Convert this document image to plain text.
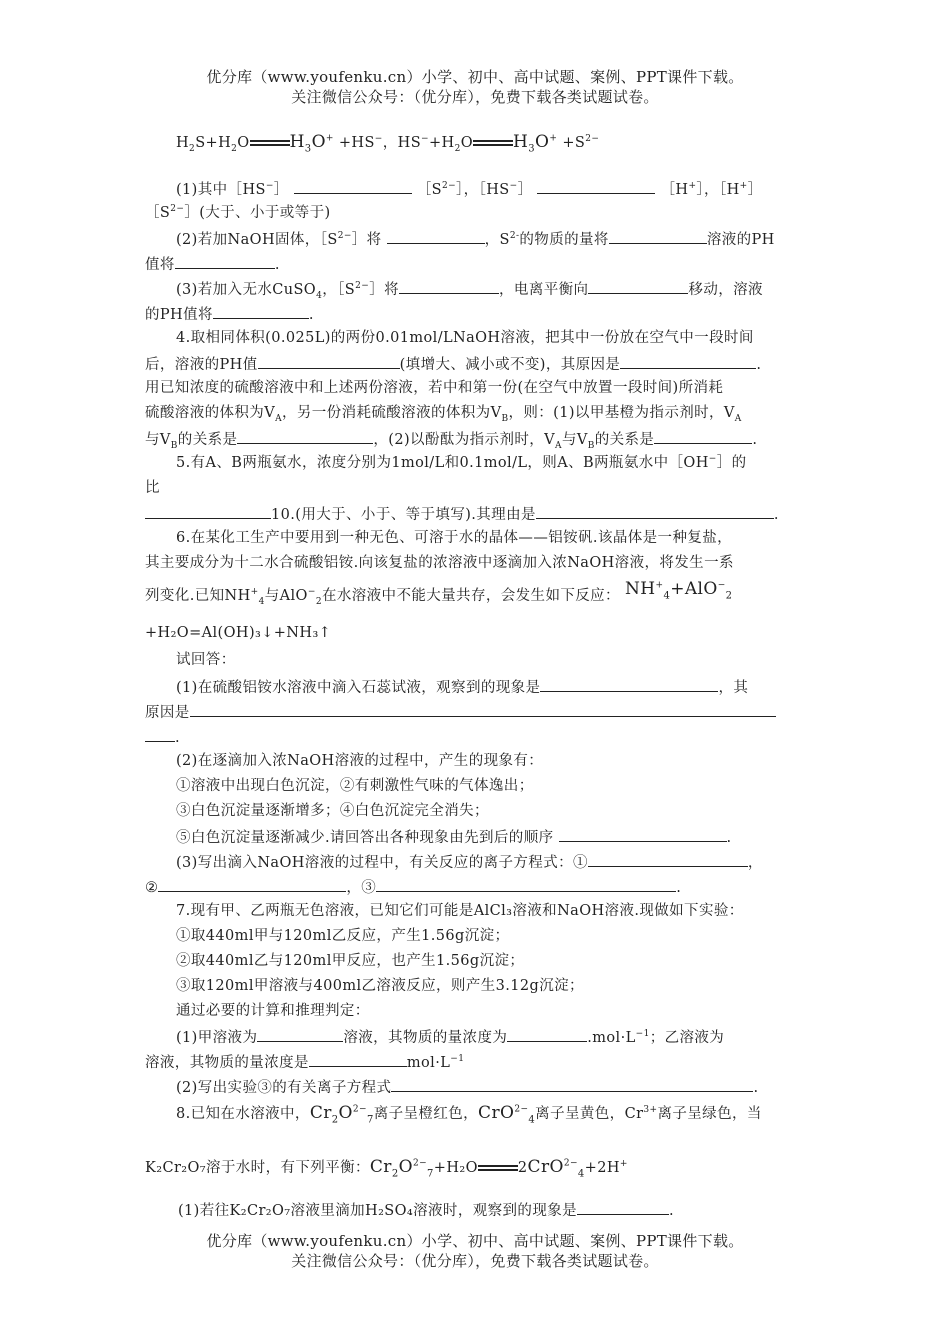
优分库（www.youfenku.cn）小学、初中、高中试题、案例、PPT课件下载。
关注微信公众号：（优分库），免费下载各类试题试卷。
$H_2S+H_2O$ $H_3O^+ +HS^-$，$HS^-+H_2O$ $H_3O^+ +S^{2-}$
(1)其中［HS−］	$[S^{2-}]$，［HS−］	［H+］，［H+］
$[S^{2-}]$(大于、小于或等于)
(2)若加NaOH固体，$[S^{2-}]$将	，$S^{2-}$的物质的量将	溶液的PH
值将	.
(3)若加入无水CuSO$_4$，$[S^{2-}]$将	，电离平衡向	移动，溶液
的PH值将	.
4.取相同体积(0.025L)的两份0.01mol/LNaOH溶液，把其中一份放在空气中一段时间
后，溶液的PH值	(填增大、减小或不变)，其原因是	.
用已知浓度的硫酸溶液中和上述两份溶液，若中和第一份(在空气中放置一段时间)所消耗
硫酸溶液的体积为$V_A$，另一份消耗硫酸溶液的体积为$V_B$，则：(1)以甲基橙为指示剂时，$V_A$
与$V_B$的关系是	，(2)以酚酞为指示剂时，$V_A$与$V_B$的关系是	.
5.有A、B两瓶氨水，浓度分别为1mol/L和0.1mol/L，则A、B两瓶氨水中［OH−］的
比
10.(用大于、小于、等于填写).其理由是	.
6.在某化工生产中要用到一种无色、可溶于水的晶体——铝铵矾.该晶体是一种复盐，
其主要成分为十二水合硫酸铝铵.向该复盐的浓溶液中逐滴加入浓NaOH溶液，将发生一系
列变化.已知$NH^+_4$与AlO−$_2$在水溶液中不能大量共存，会发生如下反应： $NH^+_4+AlO^-_2$
+H₂O=Al(OH)₃↓+NH₃↑
试回答：
(1)在硫酸铝铵水溶液中滴入石蕊试液，观察到的现象是	，其
原因是
.
(2)在逐滴加入浓NaOH溶液的过程中，产生的现象有：
①溶液中出现白色沉淀，②有刺激性气味的气体逸出；
③白色沉淀量逐渐增多；④白色沉淀完全消失；
⑤白色沉淀量逐渐减少.请回答出各种现象由先到后的顺序	.
(3)写出滴入NaOH溶液的过程中，有关反应的离子方程式：①	，
②	，③	.
7.现有甲、乙两瓶无色溶液，已知它们可能是AlCl₃溶液和NaOH溶液.现做如下实验：
①取440ml甲与120ml乙反应，产生1.56g沉淀；
②取440ml乙与120ml甲反应，也产生1.56g沉淀；
③取120ml甲溶液与400ml乙溶液反应，则产生3.12g沉淀；
通过必要的计算和推理判定：
(1)甲溶液为	溶液，其物质的量浓度为	$.mol\cdot L^{-1}$；乙溶液为
溶液，其物质的量浓度是	$mol\cdot L^{-1}$
(2)写出实验③的有关离子方程式	.
8.已知在水溶液中，$Cr_2O^{2-}_7$离子呈橙红色，CrO$^{2-}_4$离子呈黄色，$Cr^{3+}$离子呈绿色，当
K₂Cr₂O₇溶于水时，有下列平衡：$Cr_2O^{2-}_7+H_2O$	2CrO$^{2-}_4$+2H+
(1)若往K₂Cr₂O₇溶液里滴加H₂SO₄溶液时，观察到的现象是	.
优分库（www.youfenku.cn）小学、初中、高中试题、案例、PPT课件下载。
关注微信公众号：（优分库），免费下载各类试题试卷。
